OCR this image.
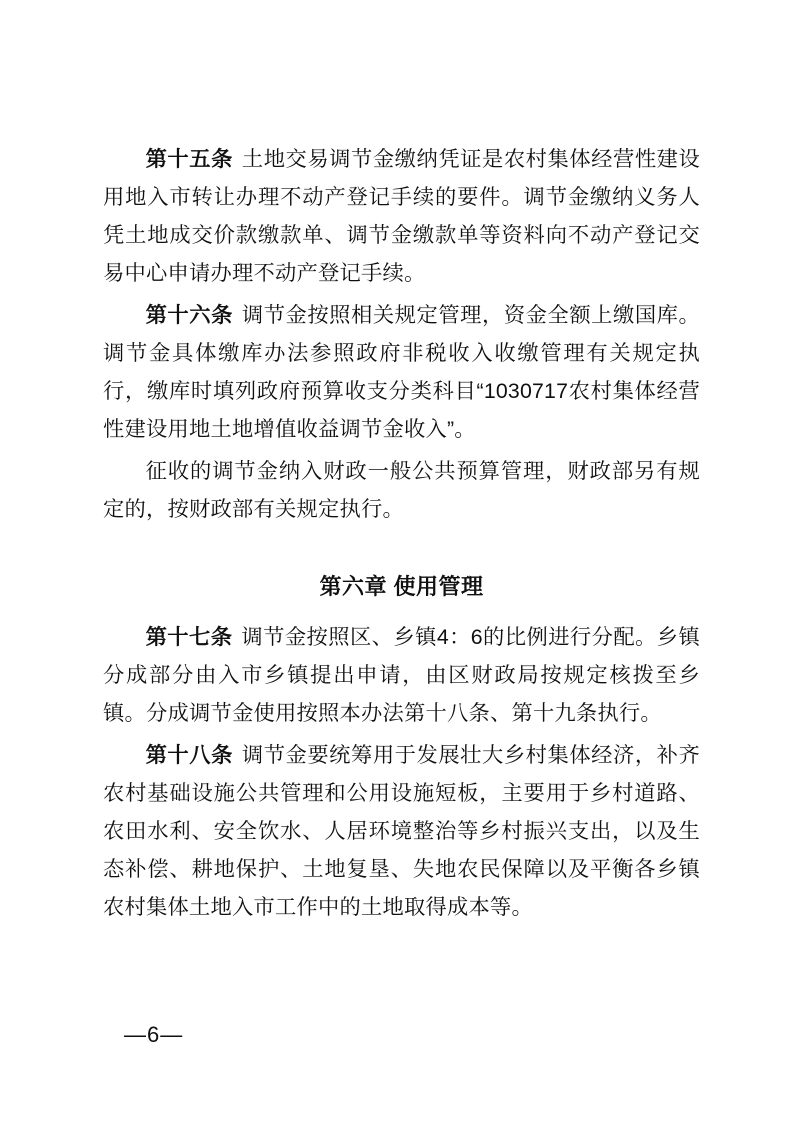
第十五条 土地交易调节金缴纳凭证是农村集体经营性建设用地入市转让办理不动产登记手续的要件。调节金缴纳义务人凭土地成交价款缴款单、调节金缴款单等资料向不动产登记交易中心申请办理不动产登记手续。

第十六条 调节金按照相关规定管理，资金全额上缴国库。调节金具体缴库办法参照政府非税收入收缴管理有关规定执行，缴库时填列政府预算收支分类科目“1030717农村集体经营性建设用地土地增值收益调节金收入”。

征收的调节金纳入财政一般公共预算管理，财政部另有规定的，按财政部有关规定执行。

第六章 使用管理

第十七条 调节金按照区、乡镇4：6的比例进行分配。乡镇分成部分由入市乡镇提出申请，由区财政局按规定核拨至乡镇。分成调节金使用按照本办法第十八条、第十九条执行。

第十八条 调节金要统筹用于发展壮大乡村集体经济，补齐农村基础设施公共管理和公用设施短板，主要用于乡村道路、农田水利、安全饮水、人居环境整治等乡村振兴支出，以及生态补偿、耕地保护、土地复垦、失地农民保障以及平衡各乡镇农村集体土地入市工作中的土地取得成本等。

—6—
